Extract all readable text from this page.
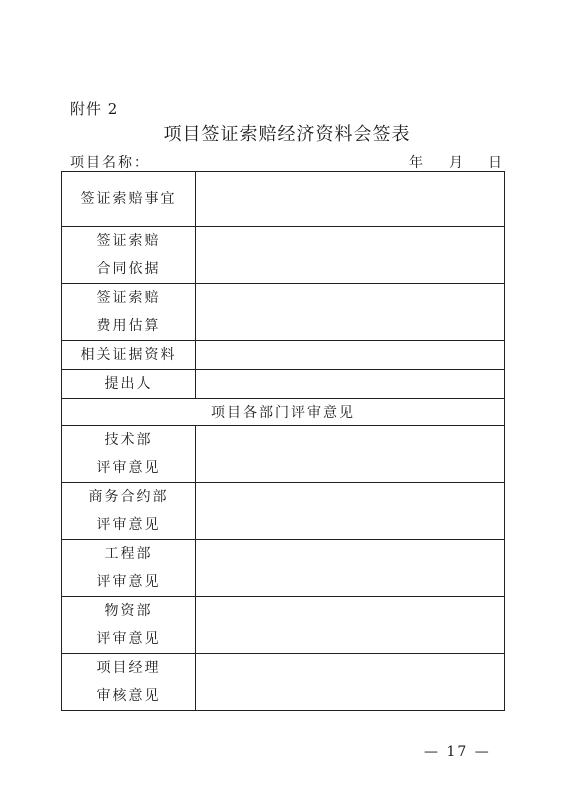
附件 2
项目签证索赔经济资料会签表
项目名称：	年 月 日
签证索赔事宜	

签证索赔
合同依据	

签证索赔
费用估算	

相关证据资料	
提出人	
项目各部门评审意见	

技术部
评审意见	

商务合约部
评审意见	

工程部
评审意见	

物资部
评审意见	

项目经理
审核意见	

— 17 —
